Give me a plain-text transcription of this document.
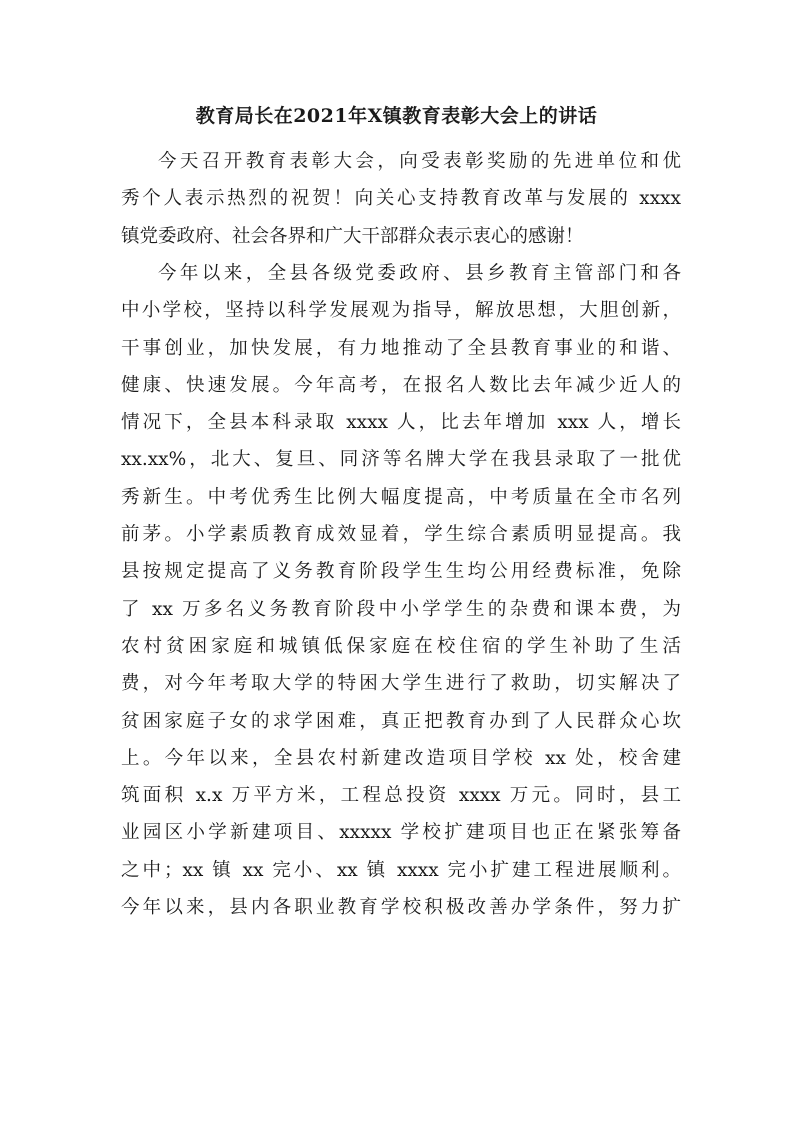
教育局长在2021年X镇教育表彰大会上的讲话
今天召开教育表彰大会，向受表彰奖励的先进单位和优
秀个人表示热烈的祝贺！向关心支持教育改革与发展的 xxxx
镇党委政府、社会各界和广大干部群众表示衷心的感谢！
今年以来，全县各级党委政府、县乡教育主管部门和各
中小学校，坚持以科学发展观为指导，解放思想，大胆创新，
干事创业，加快发展，有力地推动了全县教育事业的和谐、
健康、快速发展。今年高考，在报名人数比去年减少近人的
情况下，全县本科录取 xxxx 人，比去年增加 xxx 人，增长
xx.xx%，北大、复旦、同济等名牌大学在我县录取了一批优
秀新生。中考优秀生比例大幅度提高，中考质量在全市名列
前茅。小学素质教育成效显着，学生综合素质明显提高。我
县按规定提高了义务教育阶段学生生均公用经费标准，免除
了 xx 万多名义务教育阶段中小学学生的杂费和课本费，为
农村贫困家庭和城镇低保家庭在校住宿的学生补助了生活
费，对今年考取大学的特困大学生进行了救助，切实解决了
贫困家庭子女的求学困难，真正把教育办到了人民群众心坎
上。今年以来，全县农村新建改造项目学校 xx 处，校舍建
筑面积 x.x 万平方米，工程总投资 xxxx 万元。同时，县工
业园区小学新建项目、xxxxx 学校扩建项目也正在紧张筹备
之中；xx 镇 xx 完小、xx 镇 xxxx 完小扩建工程进展顺利。
今年以来，县内各职业教育学校积极改善办学条件，努力扩
